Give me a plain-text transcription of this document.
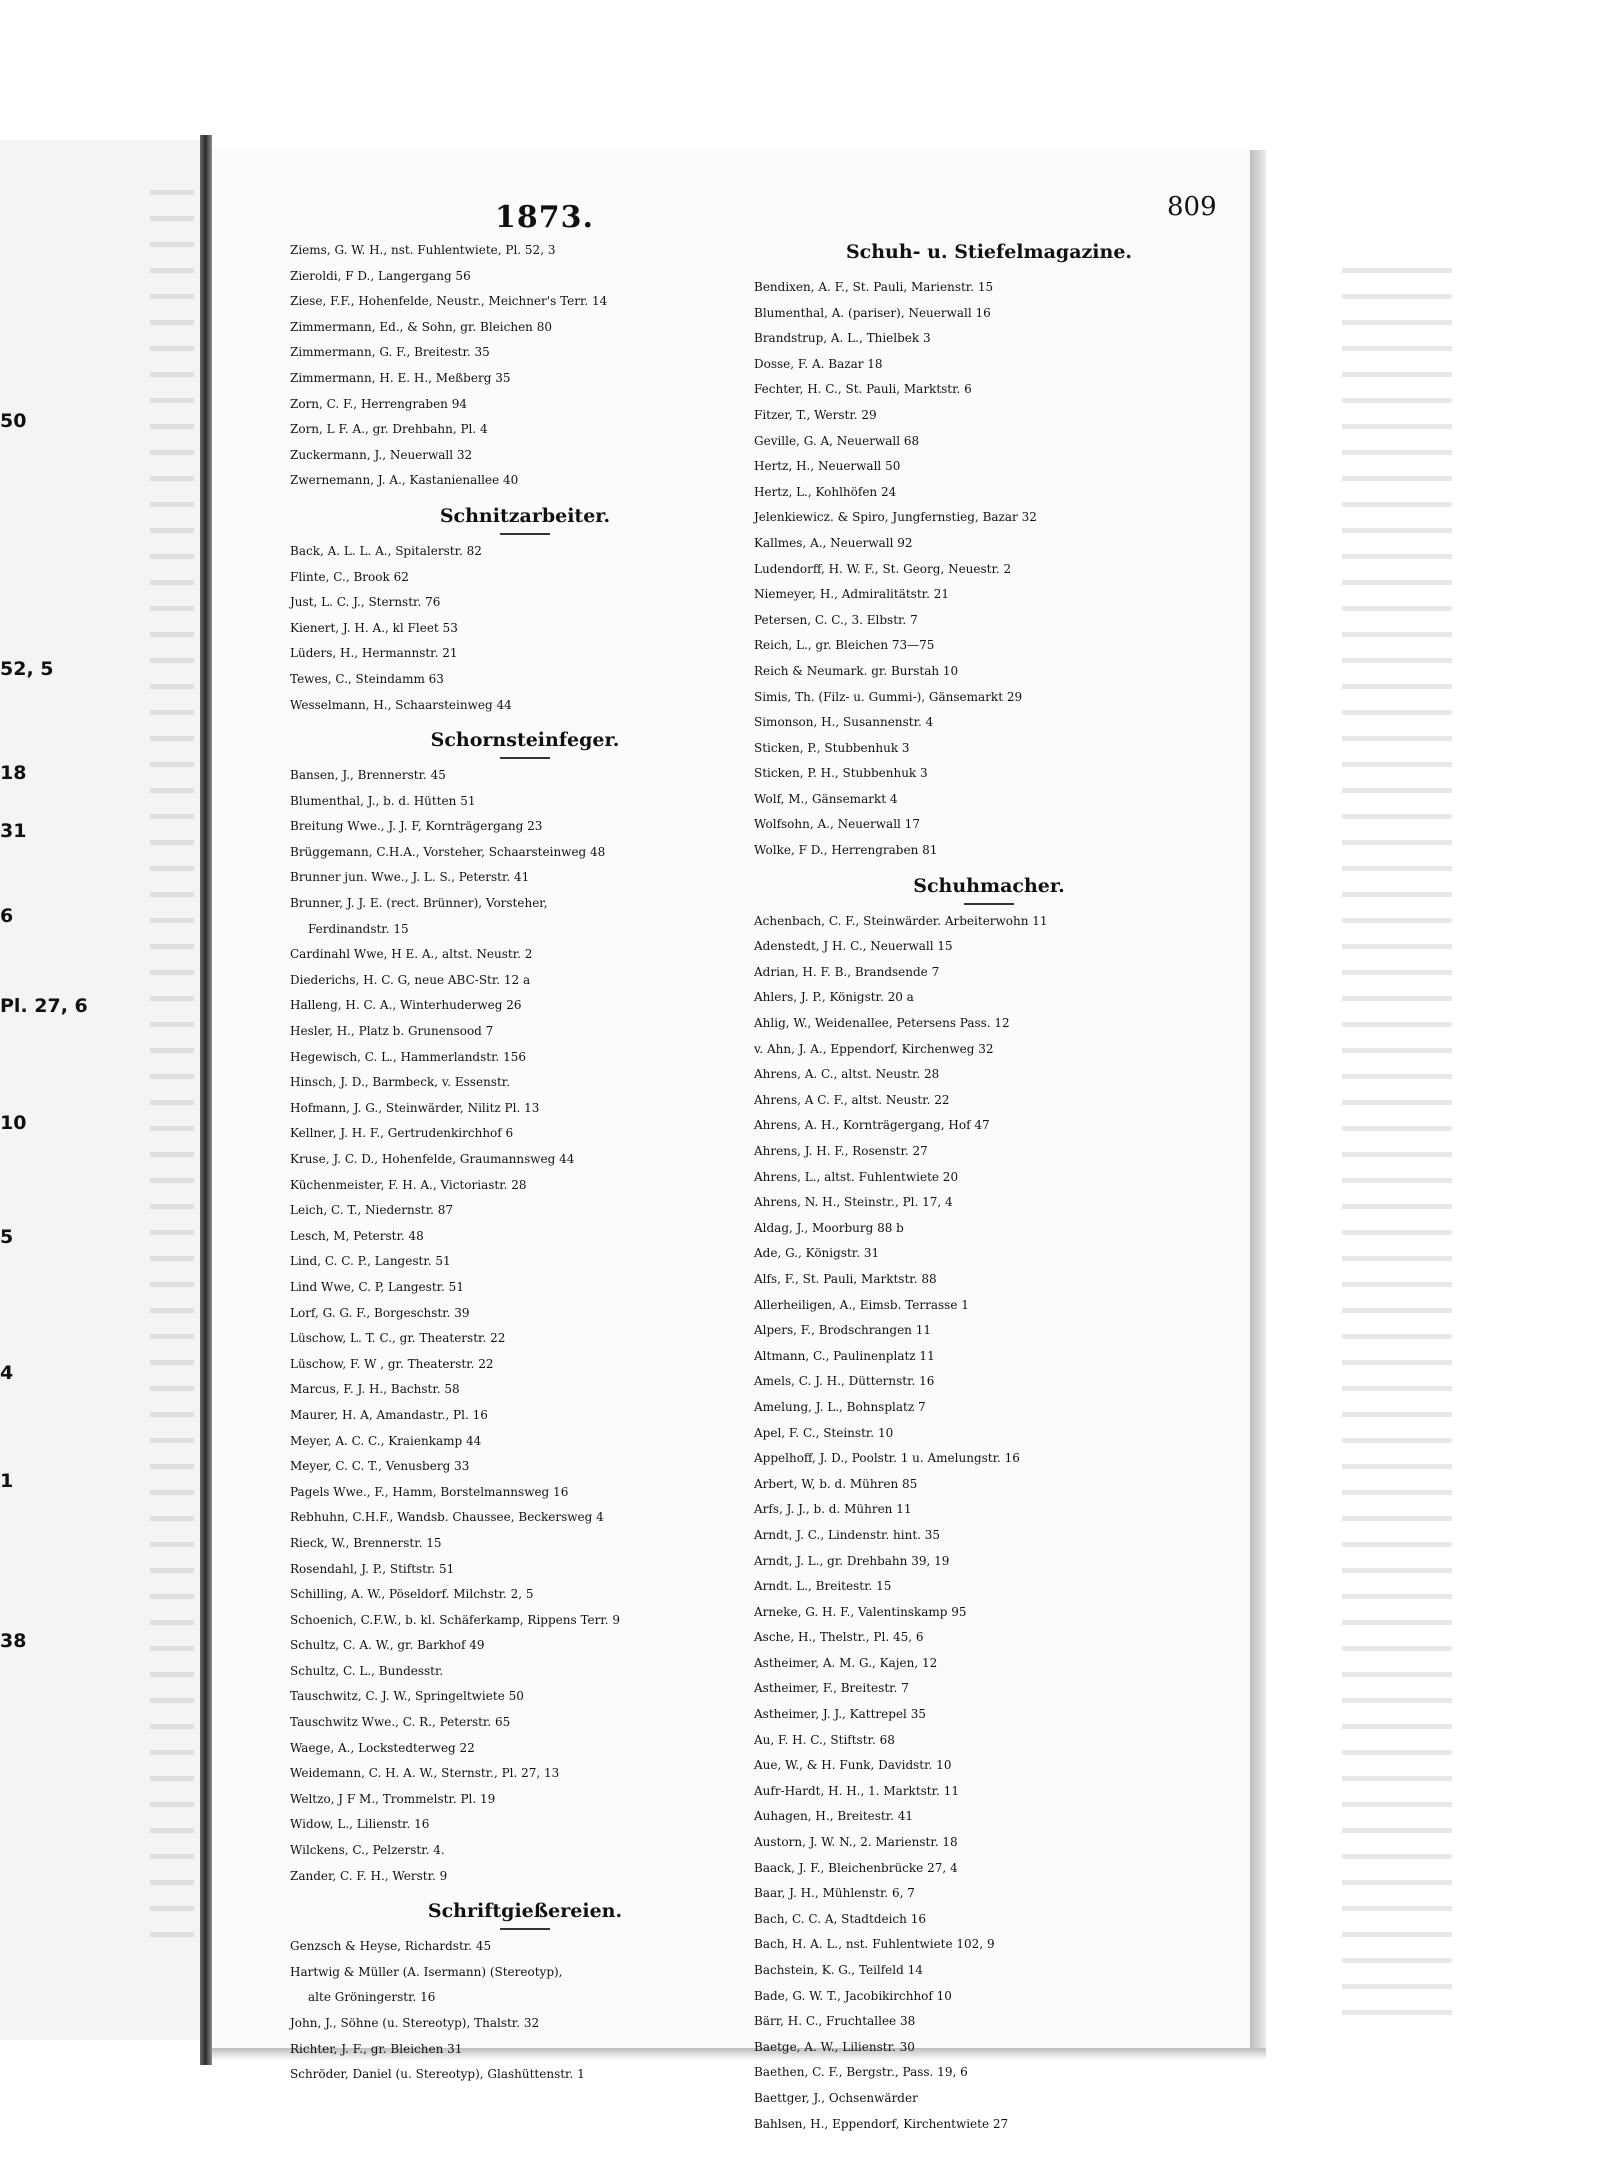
50
52, 5
18
31
6
Pl. 27, 6
10
5
4
1
38
1873.	809
Ziems, G. W. H., nst. Fuhlentwiete, Pl. 52, 3
Zieroldi, F D., Langergang 56
Ziese, F.F., Hohenfelde, Neustr., Meichner's Terr. 14
Zimmermann, Ed., & Sohn, gr. Bleichen 80
Zimmermann, G. F., Breitestr. 35
Zimmermann, H. E. H., Meßberg 35
Zorn, C. F., Herrengraben 94
Zorn, L F. A., gr. Drehbahn, Pl. 4
Zuckermann, J., Neuerwall 32
Zwernemann, J. A., Kastanienallee 40
Schnitzarbeiter.
Back, A. L. L. A., Spitalerstr. 82
Flinte, C., Brook 62
Just, L. C. J., Sternstr. 76
Kienert, J. H. A., kl Fleet 53
Lüders, H., Hermannstr. 21
Tewes, C., Steindamm 63
Wesselmann, H., Schaarsteinweg 44
Schornsteinfeger.
Bansen, J., Brennerstr. 45
Blumenthal, J., b. d. Hütten 51
Breitung Wwe., J. J. F, Kornträgergang 23
Brüggemann, C.H.A., Vorsteher, Schaarsteinweg 48
Brunner jun. Wwe., J. L. S., Peterstr. 41
Brunner, J. J. E. (rect. Brünner), Vorsteher,
Ferdinandstr. 15
Cardinahl Wwe, H E. A., altst. Neustr. 2
Diederichs, H. C. G, neue ABC-Str. 12 a
Halleng, H. C. A., Winterhuderweg 26
Hesler, H., Platz b. Grunensood 7
Hegewisch, C. L., Hammerlandstr. 156
Hinsch, J. D., Barmbeck, v. Essenstr.
Hofmann, J. G., Steinwärder, Nilitz Pl. 13
Kellner, J. H. F., Gertrudenkirchhof 6
Kruse, J. C. D., Hohenfelde, Graumannsweg 44
Küchenmeister, F. H. A., Victoriastr. 28
Leich, C. T., Niedernstr. 87
Lesch, M, Peterstr. 48
Lind, C. C. P., Langestr. 51
Lind Wwe, C. P, Langestr. 51
Lorf, G. G. F., Borgeschstr. 39
Lüschow, L. T. C., gr. Theaterstr. 22
Lüschow, F. W , gr. Theaterstr. 22
Marcus, F. J. H., Bachstr. 58
Maurer, H. A, Amandastr., Pl. 16
Meyer, A. C. C., Kraienkamp 44
Meyer, C. C. T., Venusberg 33
Pagels Wwe., F., Hamm, Borstelmannsweg 16
Rebhuhn, C.H.F., Wandsb. Chaussee, Beckersweg 4
Rieck, W., Brennerstr. 15
Rosendahl, J. P., Stiftstr. 51
Schilling, A. W., Pöseldorf. Milchstr. 2, 5
Schoenich, C.F.W., b. kl. Schäferkamp, Rippens Terr. 9
Schultz, C. A. W., gr. Barkhof 49
Schultz, C. L., Bundesstr.
Tauschwitz, C. J. W., Springeltwiete 50
Tauschwitz Wwe., C. R., Peterstr. 65
Waege, A., Lockstedterweg 22
Weidemann, C. H. A. W., Sternstr., Pl. 27, 13
Weltzo, J F M., Trommelstr. Pl. 19
Widow, L., Lilienstr. 16
Wilckens, C., Pelzerstr. 4.
Zander, C. F. H., Werstr. 9
Schriftgießereien.
Genzsch & Heyse, Richardstr. 45
Hartwig & Müller (A. Isermann) (Stereotyp),
alte Gröningerstr. 16
John, J., Söhne (u. Stereotyp), Thalstr. 32
Richter, J. F., gr. Bleichen 31
Schröder, Daniel (u. Stereotyp), Glashüttenstr. 1
Schuh- u. Stiefelmagazine.
Bendixen, A. F., St. Pauli, Marienstr. 15
Blumenthal, A. (pariser), Neuerwall 16
Brandstrup, A. L., Thielbek 3
Dosse, F. A. Bazar 18
Fechter, H. C., St. Pauli, Marktstr. 6
Fitzer, T., Werstr. 29
Geville, G. A, Neuerwall 68
Hertz, H., Neuerwall 50
Hertz, L., Kohlhöfen 24
Jelenkiewicz. & Spiro, Jungfernstieg, Bazar 32
Kallmes, A., Neuerwall 92
Ludendorff, H. W. F., St. Georg, Neuestr. 2
Niemeyer, H., Admiralitätstr. 21
Petersen, C. C., 3. Elbstr. 7
Reich, L., gr. Bleichen 73—75
Reich & Neumark. gr. Burstah 10
Simis, Th. (Filz- u. Gummi-), Gänsemarkt 29
Simonson, H., Susannenstr. 4
Sticken, P., Stubbenhuk 3
Sticken, P. H., Stubbenhuk 3
Wolf, M., Gänsemarkt 4
Wolfsohn, A., Neuerwall 17
Wolke, F D., Herrengraben 81
Schuhmacher.
Achenbach, C. F., Steinwärder. Arbeiterwohn 11
Adenstedt, J H. C., Neuerwall 15
Adrian, H. F. B., Brandsende 7
Ahlers, J. P., Königstr. 20 a
Ahlig, W., Weidenallee, Petersens Pass. 12
v. Ahn, J. A., Eppendorf, Kirchenweg 32
Ahrens, A. C., altst. Neustr. 28
Ahrens, A C. F., altst. Neustr. 22
Ahrens, A. H., Kornträgergang, Hof 47
Ahrens, J. H. F., Rosenstr. 27
Ahrens, L., altst. Fuhlentwiete 20
Ahrens, N. H., Steinstr., Pl. 17, 4
Aldag, J., Moorburg 88 b
Ade, G., Königstr. 31
Alfs, F., St. Pauli, Marktstr. 88
Allerheiligen, A., Eimsb. Terrasse 1
Alpers, F., Brodschrangen 11
Altmann, C., Paulinenplatz 11
Amels, C. J. H., Dütternstr. 16
Amelung, J. L., Bohnsplatz 7
Apel, F. C., Steinstr. 10
Appelhoff, J. D., Poolstr. 1 u. Amelungstr. 16
Arbert, W, b. d. Mühren 85
Arfs, J. J., b. d. Mühren 11
Arndt, J. C., Lindenstr. hint. 35
Arndt, J. L., gr. Drehbahn 39, 19
Arndt. L., Breitestr. 15
Arneke, G. H. F., Valentinskamp 95
Asche, H., Thelstr., Pl. 45, 6
Astheimer, A. M. G., Kajen, 12
Astheimer, F., Breitestr. 7
Astheimer, J. J., Kattrepel 35
Au, F. H. C., Stiftstr. 68
Aue, W., & H. Funk, Davidstr. 10
Aufr-Hardt, H. H., 1. Marktstr. 11
Auhagen, H., Breitestr. 41
Austorn, J. W. N., 2. Marienstr. 18
Baack, J. F., Bleichenbrücke 27, 4
Baar, J. H., Mühlenstr. 6, 7
Bach, C. C. A, Stadtdeich 16
Bach, H. A. L., nst. Fuhlentwiete 102, 9
Bachstein, K. G., Teilfeld 14
Bade, G. W. T., Jacobikirchhof 10
Bärr, H. C., Fruchtallee 38
Baetge, A. W., Lilienstr. 30
Baethen, C. F., Bergstr., Pass. 19, 6
Baettger, J., Ochsenwärder
Bahlsen, H., Eppendorf, Kirchentwiete 27
